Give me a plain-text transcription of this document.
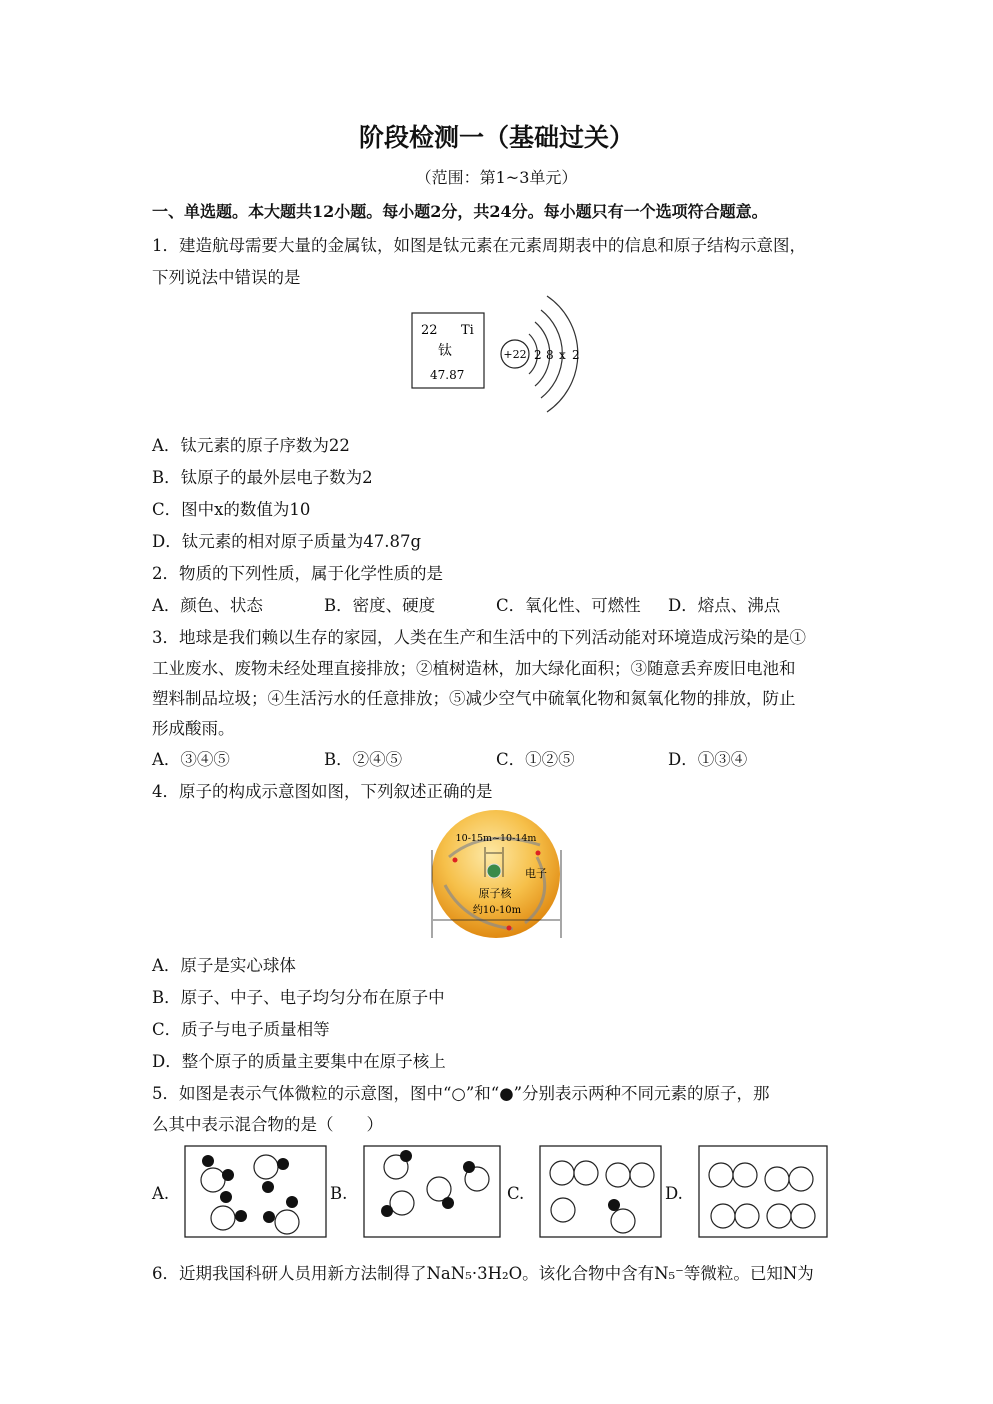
阶段检测一（基础过关）
（范围：第1~3单元）
一、单选题。本大题共12小题。每小题2分，共24分。每小题只有一个选项符合题意。
1．建造航母需要大量的金属钛，如图是钛元素在元素周期表中的信息和原子结构示意图，
下列说法中错误的是
22 Ti
钛
47.87
+22 2 8 x 2
A．钛元素的原子序数为22
B．钛原子的最外层电子数为2
C．图中x的数值为10
D．钛元素的相对原子质量为47.87g
2．物质的下列性质，属于化学性质的是
A．颜色、状态	B．密度、硬度	C．氧化性、可燃性 D．熔点、沸点
3．地球是我们赖以生存的家园，人类在生产和生活中的下列活动能对环境造成污染的是①
工业废水、废物未经处理直接排放；②植树造林，加大绿化面积；③随意丢弃废旧电池和
塑料制品垃圾；④生活污水的任意排放；⑤减少空气中硫氧化物和氮氧化物的排放，防止
形成酸雨。
A．③④⑤	B．②④⑤	C．①②⑤	D．①③④
4．原子的构成示意图如图，下列叙述正确的是
10-15m~10-14m
电子
原子核
约10-10m
A．原子是实心球体
B．原子、中子、电子均匀分布在原子中
C．质子与电子质量相等
D．整个原子的质量主要集中在原子核上
5．如图是表示气体微粒的示意图，图中“○”和“●”分别表示两种不同元素的原子，那
么其中表示混合物的是（　　）
A.	B.	C.	D.
6．近期我国科研人员用新方法制得了NaN₅·3H₂O。该化合物中含有N₅⁻等微粒。已知N为
